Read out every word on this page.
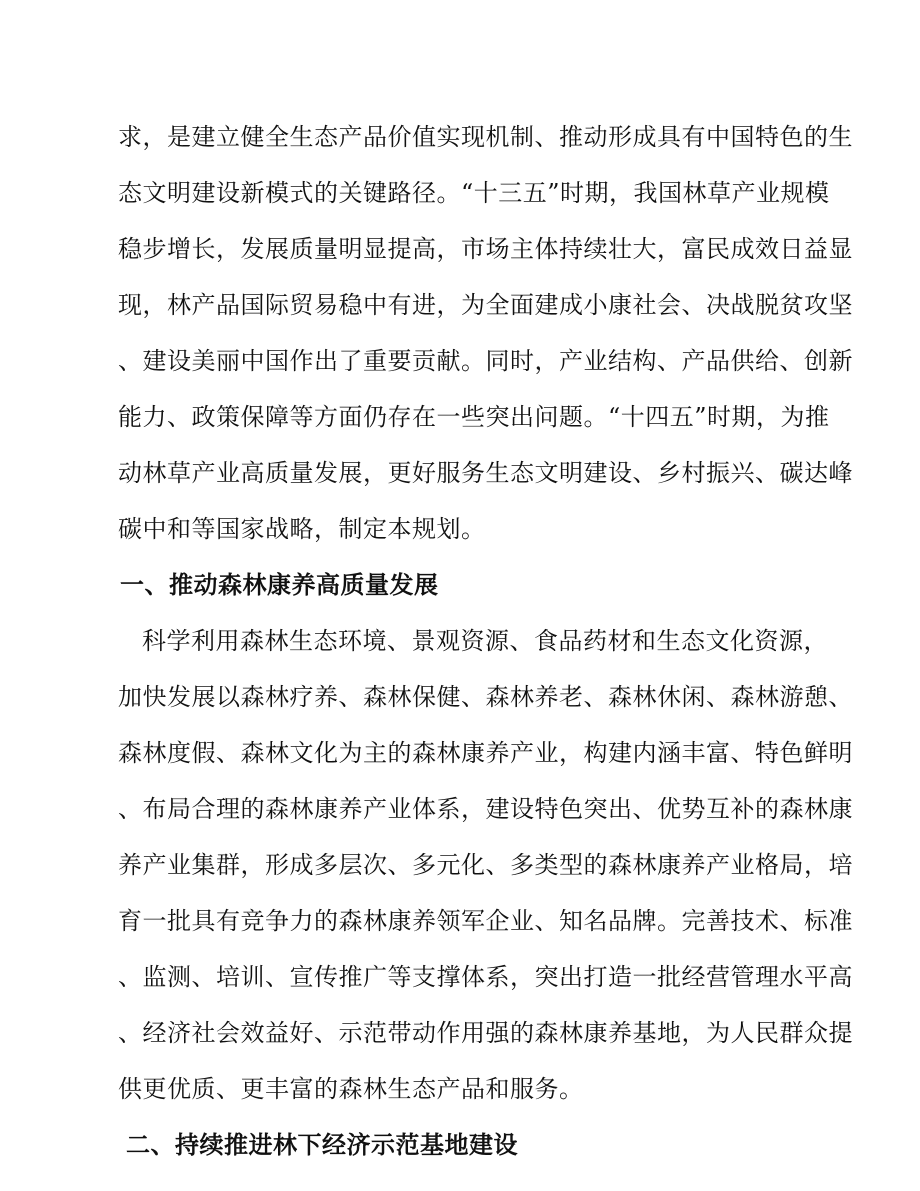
求，是建立健全生态产品价值实现机制、推动形成具有中国特色的生
态文明建设新模式的关键路径。“十三五”时期，我国林草产业规模
稳步增长，发展质量明显提高，市场主体持续壮大，富民成效日益显
现，林产品国际贸易稳中有进，为全面建成小康社会、决战脱贫攻坚
、建设美丽中国作出了重要贡献。同时，产业结构、产品供给、创新
能力、政策保障等方面仍存在一些突出问题。“十四五”时期，为推
动林草产业高质量发展，更好服务生态文明建设、乡村振兴、碳达峰
碳中和等国家战略，制定本规划。
一、推动森林康养高质量发展
科学利用森林生态环境、景观资源、食品药材和生态文化资源，
加快发展以森林疗养、森林保健、森林养老、森林休闲、森林游憩、
森林度假、森林文化为主的森林康养产业，构建内涵丰富、特色鲜明
、布局合理的森林康养产业体系，建设特色突出、优势互补的森林康
养产业集群，形成多层次、多元化、多类型的森林康养产业格局，培
育一批具有竞争力的森林康养领军企业、知名品牌。完善技术、标准
、监测、培训、宣传推广等支撑体系，突出打造一批经营管理水平高
、经济社会效益好、示范带动作用强的森林康养基地，为人民群众提
供更优质、更丰富的森林生态产品和服务。
二、持续推进林下经济示范基地建设
